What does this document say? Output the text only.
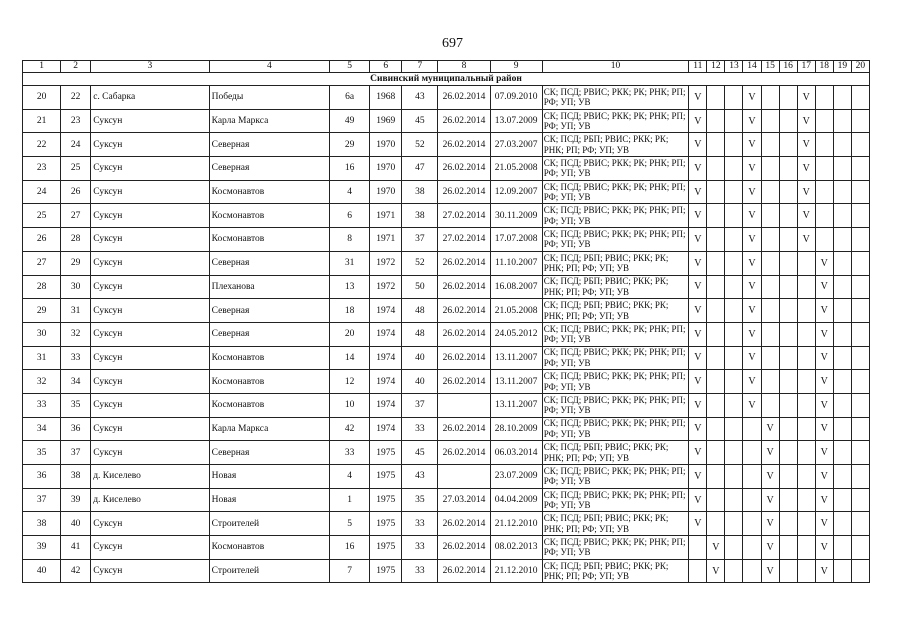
697
1	2	3	4	5	6	7	8	9	10	11	12	13	14	15	16	17	18	19	20
Сивинский муниципальный район																			
20	22	с. Сабарка	Победы	6а	1968	43	26.02.2014	07.09.2010	СК; ПСД; РВИС; РКК; РК; РНК; РП; РФ; УП; УВ	V			V			V			
21	23	Суксун	Карла Маркса	49	1969	45	26.02.2014	13.07.2009	СК; ПСД; РВИС; РКК; РК; РНК; РП; РФ; УП; УВ	V			V			V			
22	24	Суксун	Северная	29	1970	52	26.02.2014	27.03.2007	СК; ПСД; РБП; РВИС; РКК; РК; РНК; РП; РФ; УП; УВ	V			V			V			
23	25	Суксун	Северная	16	1970	47	26.02.2014	21.05.2008	СК; ПСД; РВИС; РКК; РК; РНК; РП; РФ; УП; УВ	V			V			V			
24	26	Суксун	Космонавтов	4	1970	38	26.02.2014	12.09.2007	СК; ПСД; РВИС; РКК; РК; РНК; РП; РФ; УП; УВ	V			V			V			
25	27	Суксун	Космонавтов	6	1971	38	27.02.2014	30.11.2009	СК; ПСД; РВИС; РКК; РК; РНК; РП; РФ; УП; УВ	V			V			V			
26	28	Суксун	Космонавтов	8	1971	37	27.02.2014	17.07.2008	СК; ПСД; РВИС; РКК; РК; РНК; РП; РФ; УП; УВ	V			V			V			
27	29	Суксун	Северная	31	1972	52	26.02.2014	11.10.2007	СК; ПСД; РБП; РВИС; РКК; РК; РНК; РП; РФ; УП; УВ	V			V				V		
28	30	Суксун	Плеханова	13	1972	50	26.02.2014	16.08.2007	СК; ПСД; РБП; РВИС; РКК; РК; РНК; РП; РФ; УП; УВ	V			V				V		
29	31	Суксун	Северная	18	1974	48	26.02.2014	21.05.2008	СК; ПСД; РБП; РВИС; РКК; РК; РНК; РП; РФ; УП; УВ	V			V				V		
30	32	Суксун	Северная	20	1974	48	26.02.2014	24.05.2012	СК; ПСД; РВИС; РКК; РК; РНК; РП; РФ; УП; УВ	V			V				V		
31	33	Суксун	Космонавтов	14	1974	40	26.02.2014	13.11.2007	СК; ПСД; РВИС; РКК; РК; РНК; РП; РФ; УП; УВ	V			V				V		
32	34	Суксун	Космонавтов	12	1974	40	26.02.2014	13.11.2007	СК; ПСД; РВИС; РКК; РК; РНК; РП; РФ; УП; УВ	V			V				V		
33	35	Суксун	Космонавтов	10	1974	37		13.11.2007	СК; ПСД; РВИС; РКК; РК; РНК; РП; РФ; УП; УВ	V			V				V		
34	36	Суксун	Карла Маркса	42	1974	33	26.02.2014	28.10.2009	СК; ПСД; РВИС; РКК; РК; РНК; РП; РФ; УП; УВ	V				V			V		
35	37	Суксун	Северная	33	1975	45	26.02.2014	06.03.2014	СК; ПСД; РБП; РВИС; РКК; РК; РНК; РП; РФ; УП; УВ	V				V			V		
36	38	д. Киселево	Новая	4	1975	43		23.07.2009	СК; ПСД; РВИС; РКК; РК; РНК; РП; РФ; УП; УВ	V				V			V		
37	39	д. Киселево	Новая	1	1975	35	27.03.2014	04.04.2009	СК; ПСД; РВИС; РКК; РК; РНК; РП; РФ; УП; УВ	V				V			V		
38	40	Суксун	Строителей	5	1975	33	26.02.2014	21.12.2010	СК; ПСД; РБП; РВИС; РКК; РК; РНК; РП; РФ; УП; УВ	V				V			V		
39	41	Суксун	Космонавтов	16	1975	33	26.02.2014	08.02.2013	СК; ПСД; РВИС; РКК; РК; РНК; РП; РФ; УП; УВ		V			V			V		
40	42	Суксун	Строителей	7	1975	33	26.02.2014	21.12.2010	СК; ПСД; РБП; РВИС; РКК; РК; РНК; РП; РФ; УП; УВ		V			V			V		
